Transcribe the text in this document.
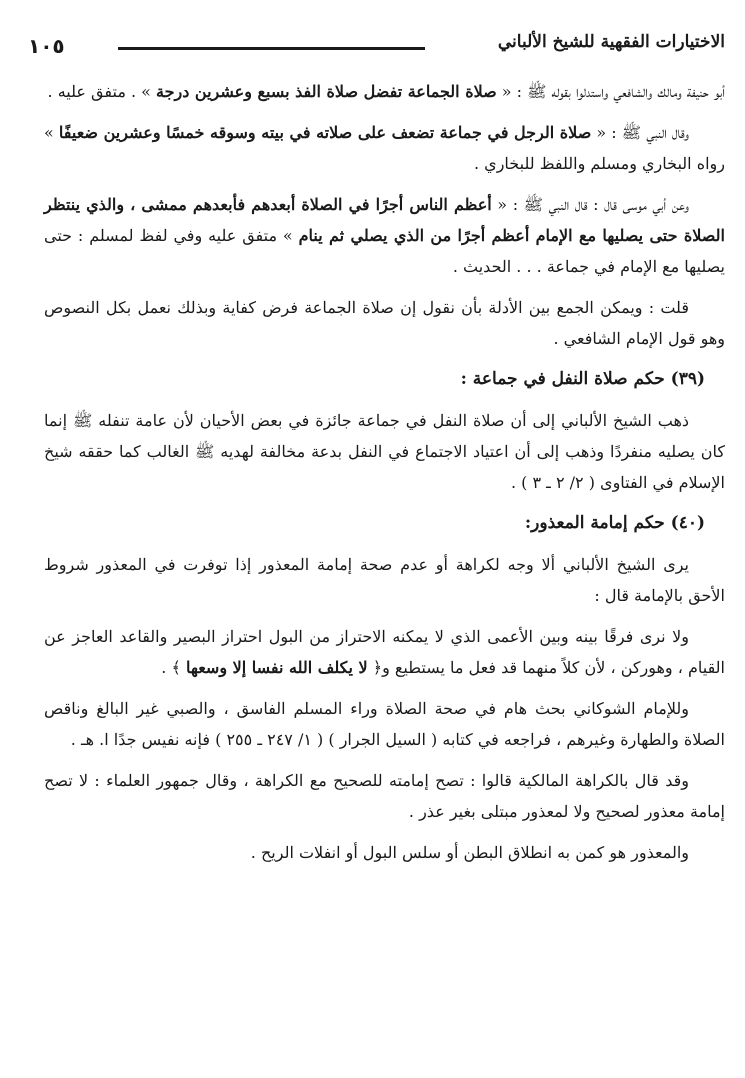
١٠٥	الاختيارات الفقهية للشيخ الألباني

أبو حنيفة ومالك والشافعي واستدلوا بقوله ﷺ : « صلاة الجماعة تفضل صلاة الفذ بسبع وعشرين درجة » . متفق عليه .

وقال النبي ﷺ : « صلاة الرجل في جماعة تضعف على صلاته في بيته وسوقه خمسًا وعشرين ضعيفًا » رواه البخاري ومسلم واللفظ للبخاري .

وعن أبي موسى قال : قال النبي ﷺ : « أعظم الناس أجرًا في الصلاة أبعدهم فأبعدهم ممشى ، والذي ينتظر الصلاة حتى يصليها مع الإمام أعظم أجرًا من الذي يصلي ثم ينام » متفق عليه وفي لفظ لمسلم : حتى يصليها مع الإمام في جماعة . . . الحديث .

قلت : ويمكن الجمع بين الأدلة بأن نقول إن صلاة الجماعة فرض كفاية وبذلك نعمل بكل النصوص وهو قول الإمام الشافعي .

(٣٩) حكم صلاة النفل في جماعة :

ذهب الشيخ الألباني إلى أن صلاة النفل في جماعة جائزة في بعض الأحيان لأن عامة تنفله ﷺ إنما كان يصليه منفردًا وذهب إلى أن اعتياد الاجتماع في النفل بدعة مخالفة لهديه ﷺ الغالب كما حققه شيخ الإسلام في الفتاوى ( ٢/ ٢ ـ ٣ ) .

(٤٠) حكم إمامة المعذور:

يرى الشيخ الألباني ألا وجه لكراهة أو عدم صحة إمامة المعذور إذا توفرت في المعذور شروط الأحق بالإمامة قال :

ولا نرى فرقًا بينه وبين الأعمى الذي لا يمكنه الاحتراز من البول احتراز البصير والقاعد العاجز عن القيام ، وهوركن ، لأن كلاً منهما قد فعل ما يستطيع و﴿ لا يكلف الله نفسا إلا وسعها ﴾ .

وللإمام الشوكاني بحث هام في صحة الصلاة وراء المسلم الفاسق ، والصبي غير البالغ وناقص الصلاة والطهارة وغيرهم ، فراجعه في كتابه ( السيل الجرار ) ( ١/ ٢٤٧ ـ ٢٥٥ ) فإنه نفيس جدًا ا. هـ .

وقد قال بالكراهة المالكية قالوا : تصح إمامته للصحيح مع الكراهة ، وقال جمهور العلماء : لا تصح إمامة معذور لصحيح ولا لمعذور مبتلى بغير عذر .

والمعذور هو كمن به انطلاق البطن أو سلس البول أو انفلات الريح .
